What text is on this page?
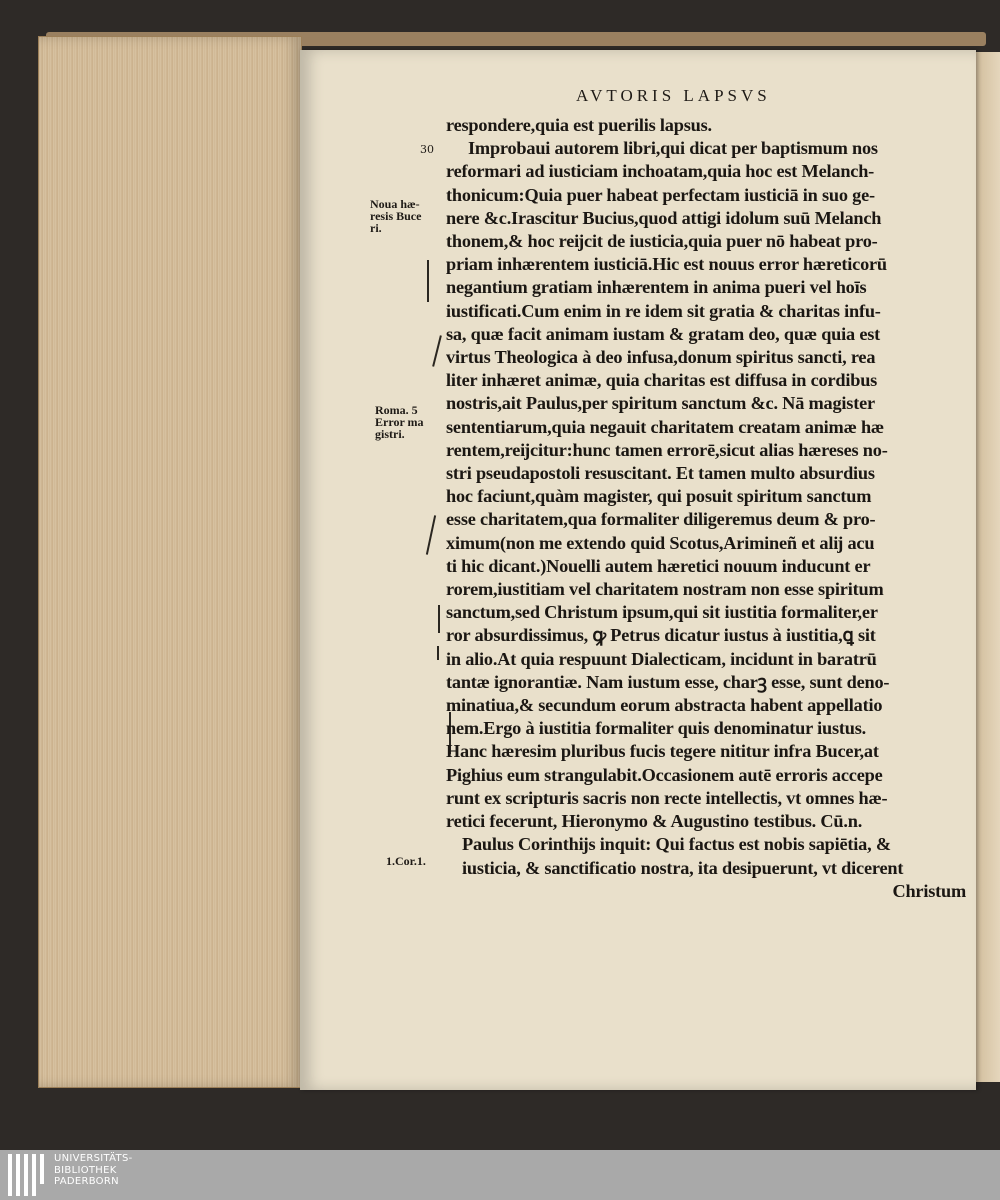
AVTORIS LAPSVS
30
Noua hæ-
resis Buce
ri.
Roma. 5
Error ma
gistri.
1.Cor.1.
respondere,quia est puerilis lapsus.
Improbaui autorem libri,qui dicat per baptismum nos
reformari ad iusticiam inchoatam,quia hoc est Melanch-
thonicum:Quia puer habeat perfectam iusticiā in suo ge-
nere &c.Irascitur Bucius,quod attigi idolum suū Melanch
thonem,& hoc reĳcit de iusticia,quia puer nō habeat pro-
priam inhærentem iusticiā.Hic est nouus error hæreticorū
negantium gratiam inhærentem in anima pueri vel hoīs
iustificati.Cum enim in re idem sit gratia & charitas infu-
sa, quæ facit animam iustam & gratam deo, quæ quia est
virtus Theologica à deo infusa,donum spiritus sancti, rea
liter inhæret animæ, quia charitas est diffusa in cordibus
nostris,ait Paulus,per spiritum sanctum &c. Nā magister
sententiarum,quia negauit charitatem creatam animæ hæ
rentem,reĳcitur:hunc tamen errorē,sicut alias hæreses no-
stri pseudapostoli resuscitant. Et tamen multo absurdius
hoc faciunt,quàm magister, qui posuit spiritum sanctum
esse charitatem,qua formaliter diligeremus deum & pro-
ximum(non me extendo quid Scotus,Arimineñ et alĳ acu
ti hic dicant.)Nouelli autem hæretici nouum inducunt er
rorem,iustitiam vel charitatem nostram non esse spiritum
sanctum,sed Christum ipsum,qui sit iustitia formaliter,er
ror absurdissimus, ꝙ Petrus dicatur iustus à iustitia,ꝗ sit
in alio.At quia respuunt Dialecticam, incidunt in baratrū
tantæ ignorantiæ. Nam iustum esse, charꝫ esse, sunt deno-
minatiua,& secundum eorum abstracta habent appellatio
nem.Ergo à iustitia formaliter quis denominatur iustus.
Hanc hæresim pluribus fucis tegere nititur infra Bucer,at
Pighius eum strangulabit.Occasionem autē erroris accepe
runt ex scripturis sacris non recte intellectis, vt omnes hæ-
retici fecerunt, Hieronymo & Augustino testibus. Cū.n.
Paulus Corinthĳs inquit: Qui factus est nobis sapiētia, &
iusticia, & sanctificatio nostra, ita desipuerunt, vt dicerent
Christum
UNIVERSITÄTS-
BIBLIOTHEK
PADERBORN
